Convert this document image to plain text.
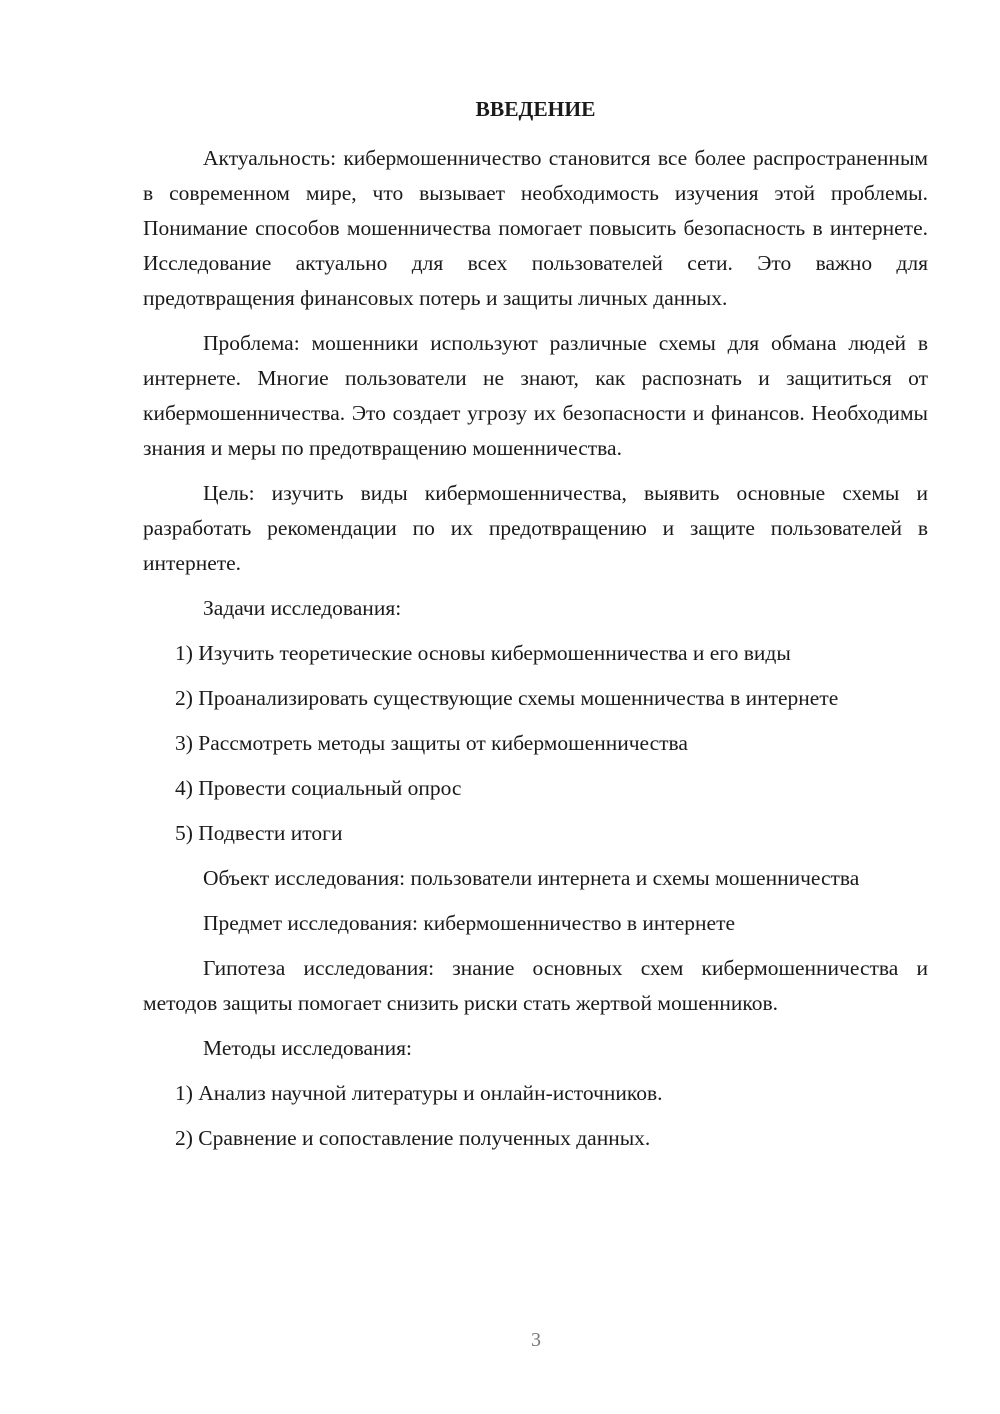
ВВЕДЕНИЕ

Актуальность: кибермошенничество становится все более распространенным в современном мире, что вызывает необходимость изучения этой проблемы. Понимание способов мошенничества помогает повысить безопасность в интернете. Исследование актуально для всех пользователей сети. Это важно для предотвращения финансовых потерь и защиты личных данных.

Проблема: мошенники используют различные схемы для обмана людей в интернете. Многие пользователи не знают, как распознать и защититься от кибермошенничества. Это создает угрозу их безопасности и финансов. Необходимы знания и меры по предотвращению мошенничества.

Цель: изучить виды кибермошенничества, выявить основные схемы и разработать рекомендации по их предотвращению и защите пользователей в интернете.

Задачи исследования:

1) Изучить теоретические основы кибермошенничества и его виды

2) Проанализировать существующие схемы мошенничества в интернете

3) Рассмотреть методы защиты от кибермошенничества

4) Провести социальный опрос

5) Подвести итоги

Объект исследования: пользователи интернета и схемы мошенничества

Предмет исследования: кибермошенничество в интернете

Гипотеза исследования: знание основных схем кибермошенничества и методов защиты помогает снизить риски стать жертвой мошенников.

Методы исследования:

1) Анализ научной литературы и онлайн-источников.

2) Сравнение и сопоставление полученных данных.

3
